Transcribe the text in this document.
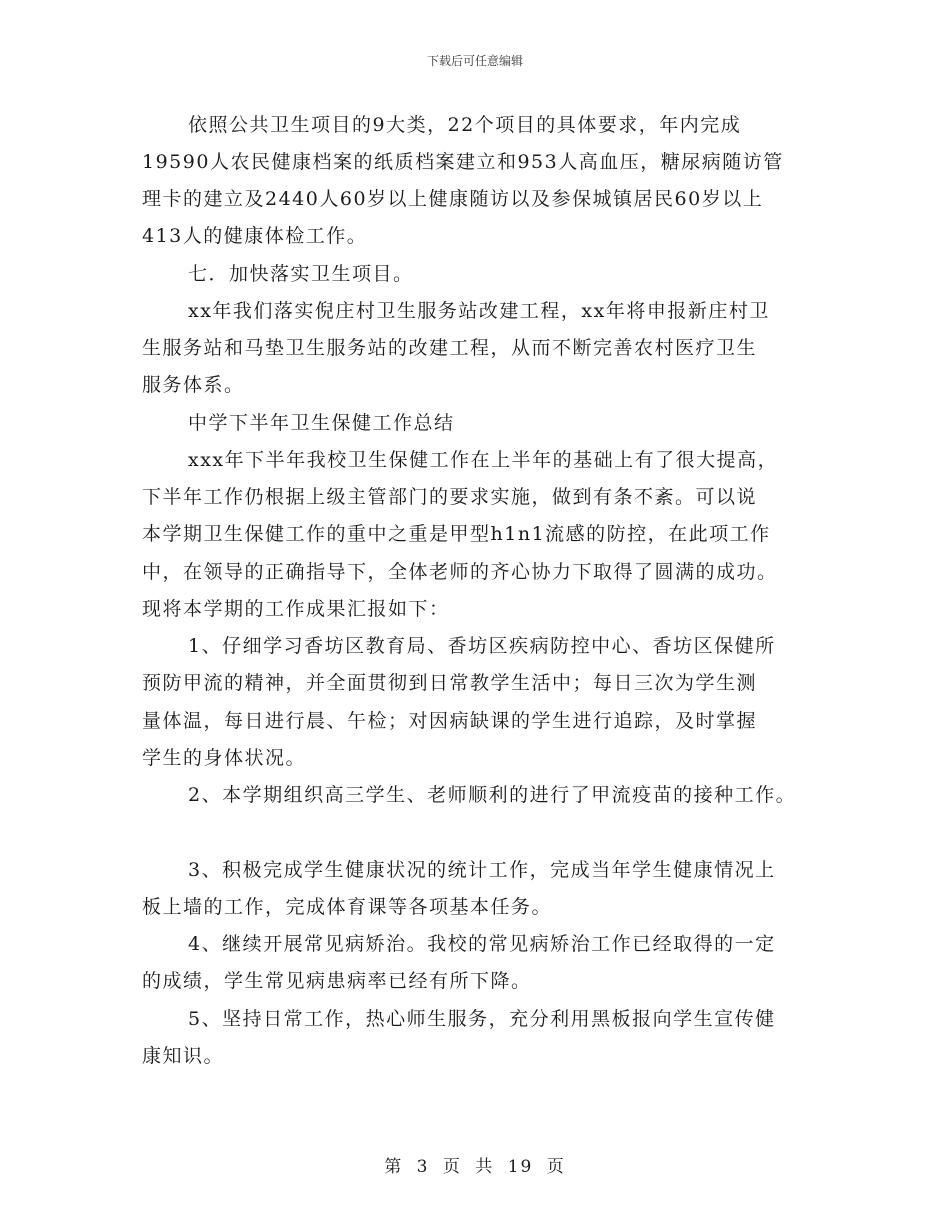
下载后可任意编辑
依照公共卫生项目的9大类，22个项目的具体要求，年内完成
19590人农民健康档案的纸质档案建立和953人高血压，糖尿病随访管
理卡的建立及2440人60岁以上健康随访以及参保城镇居民60岁以上
413人的健康体检工作。
七．加快落实卫生项目。
xx年我们落实倪庄村卫生服务站改建工程，xx年将申报新庄村卫
生服务站和马垫卫生服务站的改建工程，从而不断完善农村医疗卫生
服务体系。
中学下半年卫生保健工作总结
xxx年下半年我校卫生保健工作在上半年的基础上有了很大提高，
下半年工作仍根据上级主管部门的要求实施，做到有条不紊。可以说
本学期卫生保健工作的重中之重是甲型h1n1流感的防控，在此项工作
中，在领导的正确指导下，全体老师的齐心协力下取得了圆满的成功。
现将本学期的工作成果汇报如下：
1、仔细学习香坊区教育局、香坊区疾病防控中心、香坊区保健所
预防甲流的精神，并全面贯彻到日常教学生活中；每日三次为学生测
量体温，每日进行晨、午检；对因病缺课的学生进行追踪，及时掌握
学生的身体状况。
2、本学期组织高三学生、老师顺利的进行了甲流疫苗的接种工作。
3、积极完成学生健康状况的统计工作，完成当年学生健康情况上
板上墙的工作，完成体育课等各项基本任务。
4、继续开展常见病矫治。我校的常见病矫治工作已经取得的一定
的成绩，学生常见病患病率已经有所下降。
5、坚持日常工作，热心师生服务，充分利用黑板报向学生宣传健
康知识。
第 3 页 共 19 页
